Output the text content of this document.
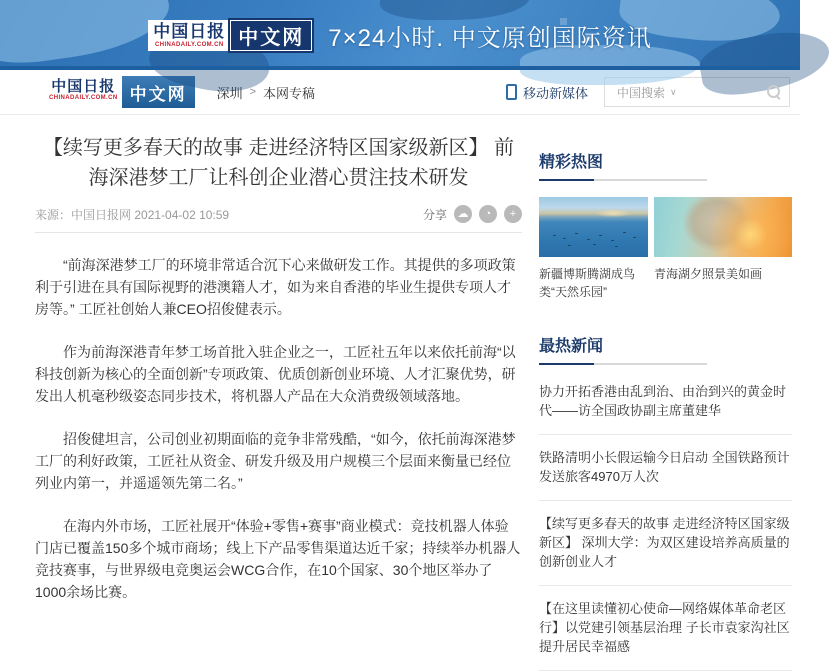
中国日报
CHINADAILY.COM.CN 中文网	7×24小时. 中文原创国际资讯
中国日报
CHINADAILY.COM.CN 中文网	深圳 > 本网专稿	移动新媒体 中国搜索 ∨
【续写更多春天的故事 走进经济特区国家级新区】 前海深港梦工厂让科创企业潜心贯注技术研发
来源：中国日报网 2021-04-02 10:59	分享 ☁	◔	+

“前海深港梦工厂的环境非常适合沉下心来做研发工作。其提供的多项政策利于引进在具有国际视野的港澳籍人才，如为来自香港的毕业生提供专项人才房等。” 工匠社创始人兼CEO招俊健表示。

作为前海深港青年梦工场首批入驻企业之一，工匠社五年以来依托前海“以科技创新为核心的全面创新”专项政策、优质创新创业环境、人才汇聚优势，研发出人机毫秒级姿态同步技术，将机器人产品在大众消费级领域落地。

招俊健坦言，公司创业初期面临的竞争非常残酷，“如今，依托前海深港梦工厂的利好政策，工匠社从资金、研发升级及用户规模三个层面来衡量已经位列业内第一，并遥遥领先第二名。”

在海内外市场，工匠社展开“体验+零售+赛事”商业模式：竞技机器人体验门店已覆盖150多个城市商场；线上下产品零售渠道达近千家；持续举办机器人竞技赛事，与世界级电竞奥运会WCG合作，在10个国家、30个地区举办了1000余场比赛。

精彩热图
新疆博斯腾湖成鸟类“天然乐园”
青海湖夕照景美如画
最热新闻
协力开拓香港由乱到治、由治到兴的黄金时代——访全国政协副主席董建华
铁路清明小长假运输今日启动 全国铁路预计发送旅客4970万人次
【续写更多春天的故事 走进经济特区国家级新区】 深圳大学：为双区建设培养高质量的创新创业人才
【在这里读懂初心使命—网络媒体革命老区行】以党建引领基层治理 子长市袁家沟社区提升居民幸福感
